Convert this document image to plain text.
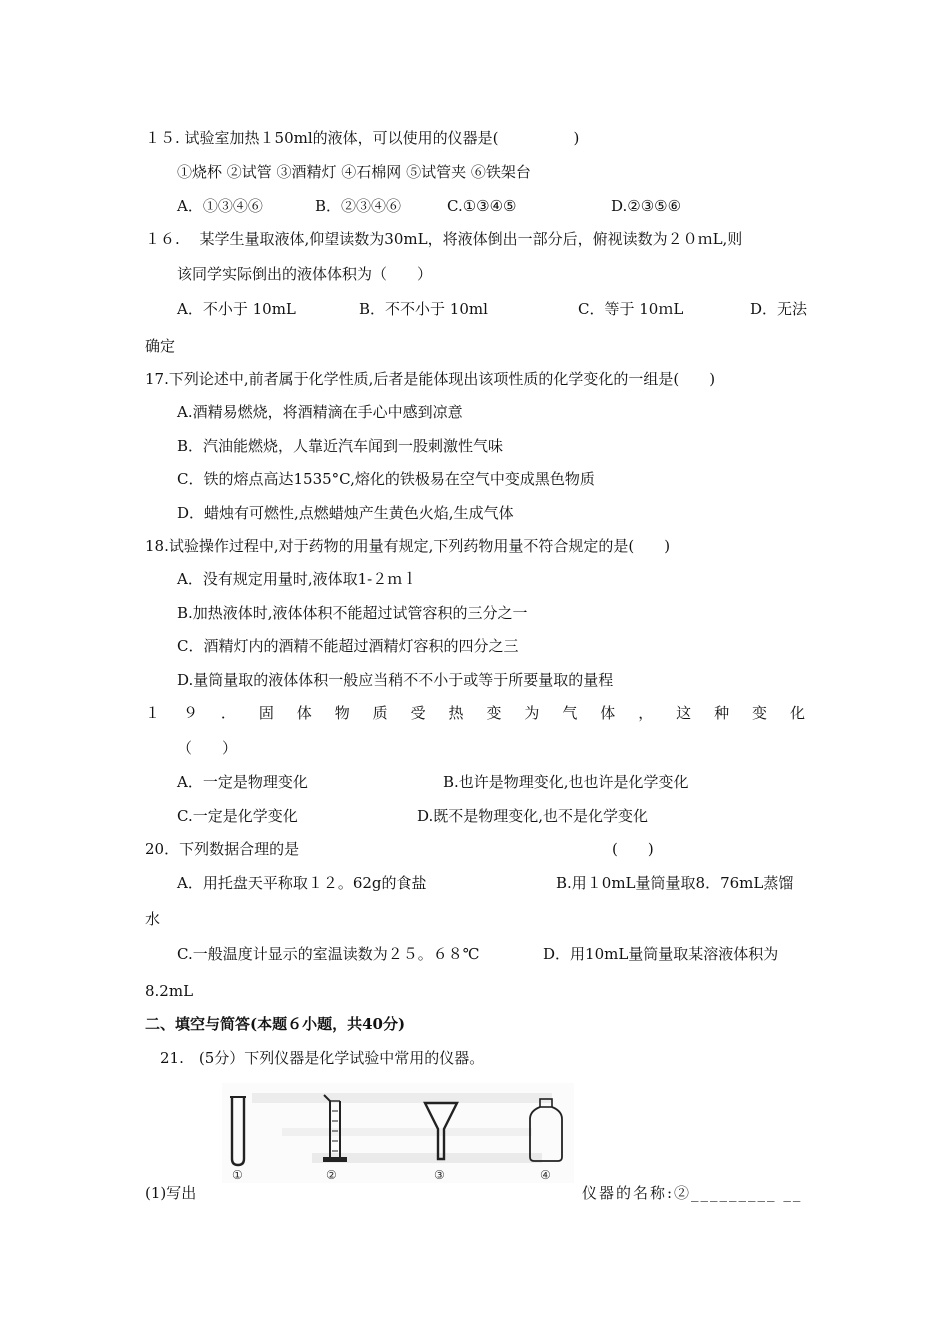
１５. 试验室加热１50ml的液体，可以使用的仪器是(　　　　　)
①烧杯 ②试管 ③酒精灯 ④石棉网 ⑤试管夹 ⑥铁架台
A．①③④⑥	B．②③④⑥	C.①③④⑤	D.②③⑤⑥
１６. 　某学生量取液体,仰望读数为30mL，将液体倒出一部分后，俯视读数为２０ｍL,则
该同学实际倒出的液体体积为（　　）
A．不小于 10mL	B．不不小于 10ml	C．等于 10ｍL	D．无法
确定
17.下列论述中,前者属于化学性质,后者是能体现出该项性质的化学变化的一组是(　　)
A.酒精易燃烧，将酒精滴在手心中感到凉意
B．汽油能燃烧，人靠近汽车闻到一股刺激性气味
C．铁的熔点高达1535°C,熔化的铁极易在空气中变成黑色物质
D．蜡烛有可燃性,点燃蜡烛产生黄色火焰,生成气体
18.试验操作过程中,对于药物的用量有规定,下列药物用量不符合规定的是(　　)
A．没有规定用量时,液体取1-２ｍｌ
B.加热液体时,液体体积不能超过试管容积的三分之一
C．酒精灯内的酒精不能超过酒精灯容积的四分之三
D.量筒量取的液体体积一般应当稍不不小于或等于所要量取的量程
１ ９ ． 固 体 物 质 受 热 变 为 气 体 ， 这 种 变 化
（　　）
A．一定是物理变化	B.也许是物理变化,也也许是化学变化
C.一定是化学变化	D.既不是物理变化,也不是化学变化
20．下列数据合理的是	(　　)
A．用托盘天平称取１２。62g的食盐	B.用１0mL量筒量取8．76mL蒸馏
水
C.一般温度计显示的室温读数为２５。６８℃	D．用10mL量筒量取某溶液体积为
8.2mL
二、填空与简答(本题６小题，共40分)
21.　(5分）下列仪器是化学试验中常用的仪器。
①	②	③	④
(1)写出	仪器的名称:②_________ __
